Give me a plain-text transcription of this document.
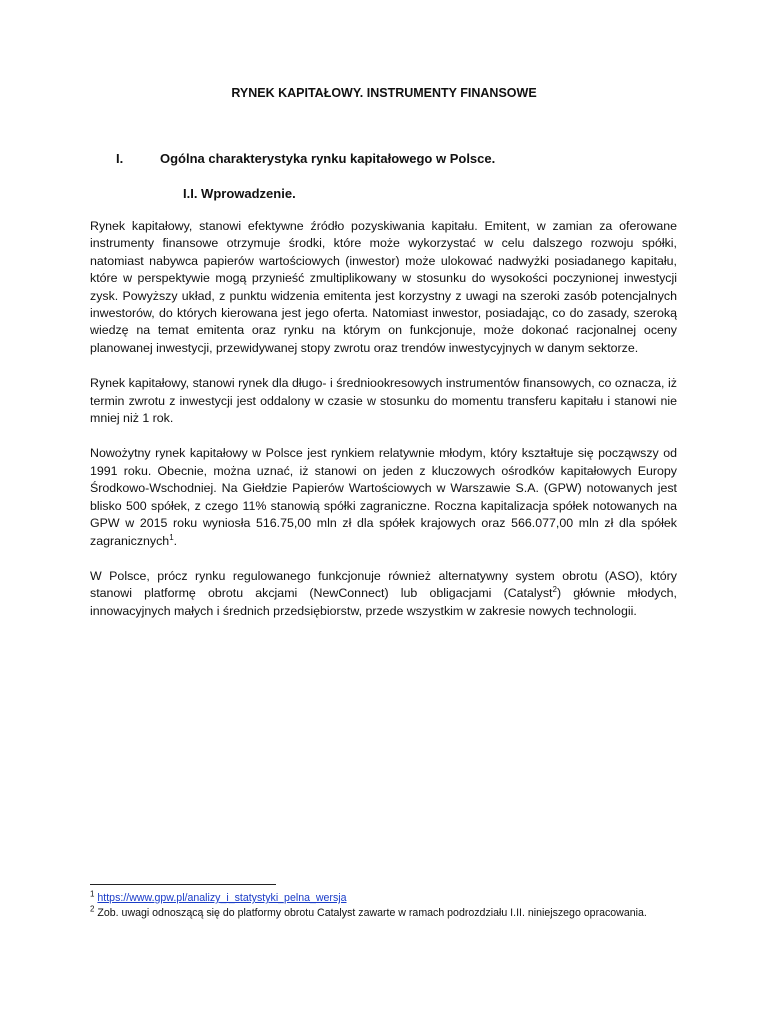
RYNEK KAPITAŁOWY. INSTRUMENTY FINANSOWE
I.	Ogólna charakterystyka rynku kapitałowego w Polsce.
I.I. Wprowadzenie.

Rynek kapitałowy, stanowi efektywne źródło pozyskiwania kapitału. Emitent, w zamian za oferowane instrumenty finansowe otrzymuje środki, które może wykorzystać w celu dalszego rozwoju spółki, natomiast nabywca papierów wartościowych (inwestor) może ulokować nadwyżki posiadanego kapitału, które w perspektywie mogą przynieść zmultiplikowany w stosunku do wysokości poczynionej inwestycji zysk. Powyższy układ, z punktu widzenia emitenta jest korzystny z uwagi na szeroki zasób potencjalnych inwestorów, do których kierowana jest jego oferta. Natomiast inwestor, posiadając, co do zasady, szeroką wiedzę na temat emitenta oraz rynku na którym on funkcjonuje, może dokonać racjonalnej oceny planowanej inwestycji, przewidywanej stopy zwrotu oraz trendów inwestycyjnych w danym sektorze.

Rynek kapitałowy, stanowi rynek dla długo- i średniookresowych instrumentów finansowych, co oznacza, iż termin zwrotu z inwestycji jest oddalony w czasie w stosunku do momentu transferu kapitału i stanowi nie mniej niż 1 rok.

Nowożytny rynek kapitałowy w Polsce jest rynkiem relatywnie młodym, który kształtuje się począwszy od 1991 roku. Obecnie, można uznać, iż stanowi on jeden z kluczowych ośrodków kapitałowych Europy Środkowo-Wschodniej. Na Giełdzie Papierów Wartościowych w Warszawie S.A. (GPW) notowanych jest blisko 500 spółek, z czego 11% stanowią spółki zagraniczne. Roczna kapitalizacja spółek notowanych na GPW w 2015 roku wyniosła 516.75,00 mln zł dla spółek krajowych oraz 566.077,00 mln zł dla spółek zagranicznych$^1$.

W Polsce, prócz rynku regulowanego funkcjonuje również alternatywny system obrotu (ASO), który stanowi platformę obrotu akcjami (NewConnect) lub obligacjami (Catalyst$^2$) głównie młodych, innowacyjnych małych i średnich przedsiębiorstw, przede wszystkim w zakresie nowych technologii.

$^1$ https://www.gpw.pl/analizy_i_statystyki_pelna_wersja

$^2$ Zob. uwagi odnoszącą się do platformy obrotu Catalyst zawarte w ramach podrozdziału I.II. niniejszego opracowania.
